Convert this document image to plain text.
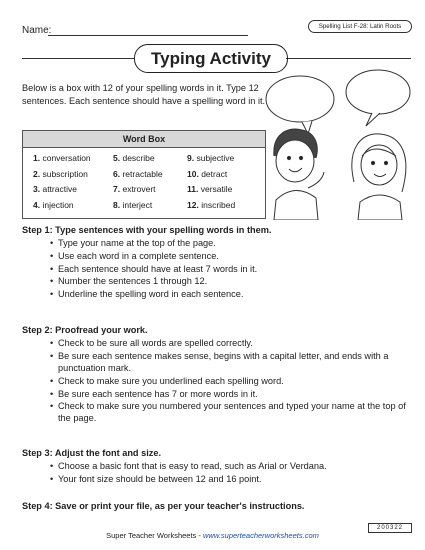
Name:	Spelling List F-28: Latin Roots
Typing Activity
Below is a box with 12 of your spelling words in it. Type 12 sentences. Each sentence should have a spelling word in it.
Word Box
1. conversation
2. subscription
3. attractive
4. injection
5. describe
6. retractable
7. extrovert
8. interject
9. subjective
10. detract
11. versatile
12. inscribed
Step 1: Type sentences with your spelling words in them.
• Type your name at the top of the page.
• Use each word in a complete sentence.
• Each sentence should have at least 7 words in it.
• Number the sentences 1 through 12.
• Underline the spelling word in each sentence.
Step 2: Proofread your work.
• Check to be sure all words are spelled correctly.
• Be sure each sentence makes sense, begins with a capital letter, and ends with a punctuation mark.
• Check to make sure you underlined each spelling word.
• Be sure each sentence has 7 or more words in it.
• Check to make sure you numbered your sentences and typed your name at the top of the page.
Step 3: Adjust the font and size.
• Choose a basic font that is easy to read, such as Arial or Verdana.
• Your font size should be between 12 and 16 point.
Step 4: Save or print your file, as per your teacher's instructions.
200322
Super Teacher Worksheets - www.superteacherworksheets.com
